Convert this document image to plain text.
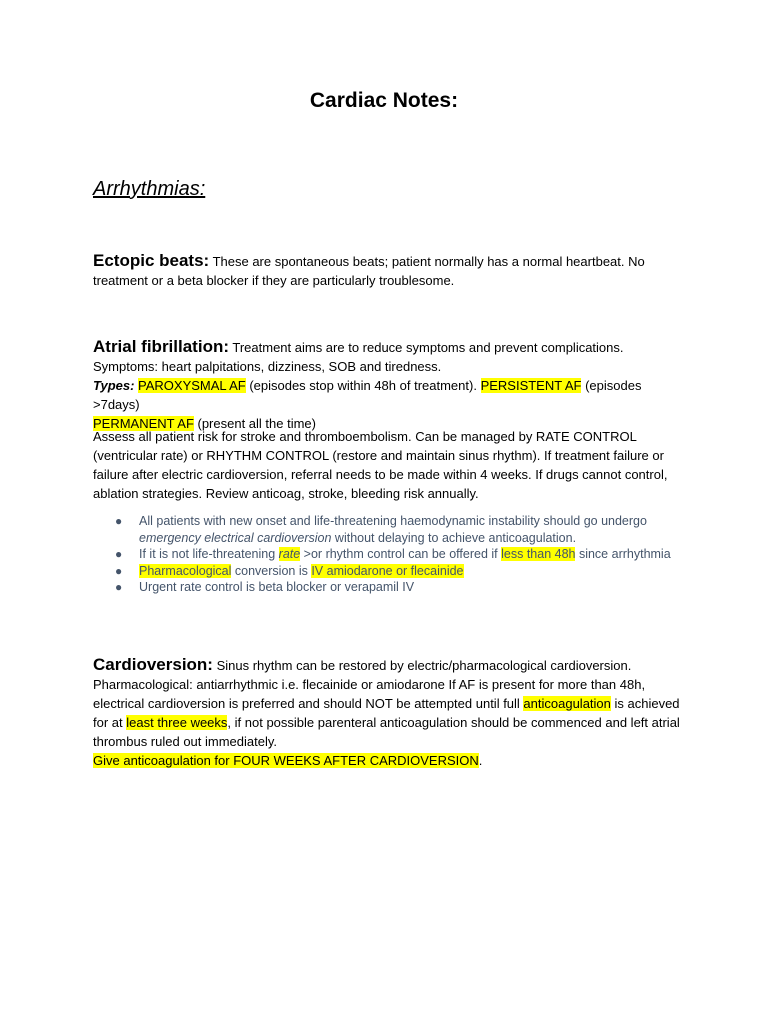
Cardiac Notes:
Arrhythmias:
Ectopic beats: These are spontaneous beats; patient normally has a normal heartbeat. No treatment or a beta blocker if they are particularly troublesome.
Atrial fibrillation: Treatment aims are to reduce symptoms and prevent complications.
Symptoms: heart palpitations, dizziness, SOB and tiredness.
Types: PAROXYSMAL AF (episodes stop within 48h of treatment). PERSISTENT AF (episodes >7days)
PERMANENT AF (present all the time)
Assess all patient risk for stroke and thromboembolism. Can be managed by RATE CONTROL (ventricular rate) or RHYTHM CONTROL (restore and maintain sinus rhythm). If treatment failure or failure after electric cardioversion, referral needs to be made within 4 weeks. If drugs cannot control, ablation strategies. Review anticoag, stroke, bleeding risk annually.
● All patients with new onset and life-threatening haemodynamic instability should go undergo emergency electrical cardioversion without delaying to achieve anticoagulation.
● If it is not life-threatening rate >or rhythm control can be offered if less than 48h since arrhythmia
● Pharmacological conversion is IV amiodarone or flecainide
● Urgent rate control is beta blocker or verapamil IV
Cardioversion: Sinus rhythm can be restored by electric/pharmacological cardioversion.
Pharmacological: antiarrhythmic i.e. flecainide or amiodarone If AF is present for more than 48h, electrical cardioversion is preferred and should NOT be attempted until full anticoagulation is achieved for at least three weeks, if not possible parenteral anticoagulation should be commenced and left atrial thrombus ruled out immediately.
Give anticoagulation for FOUR WEEKS AFTER CARDIOVERSION.
